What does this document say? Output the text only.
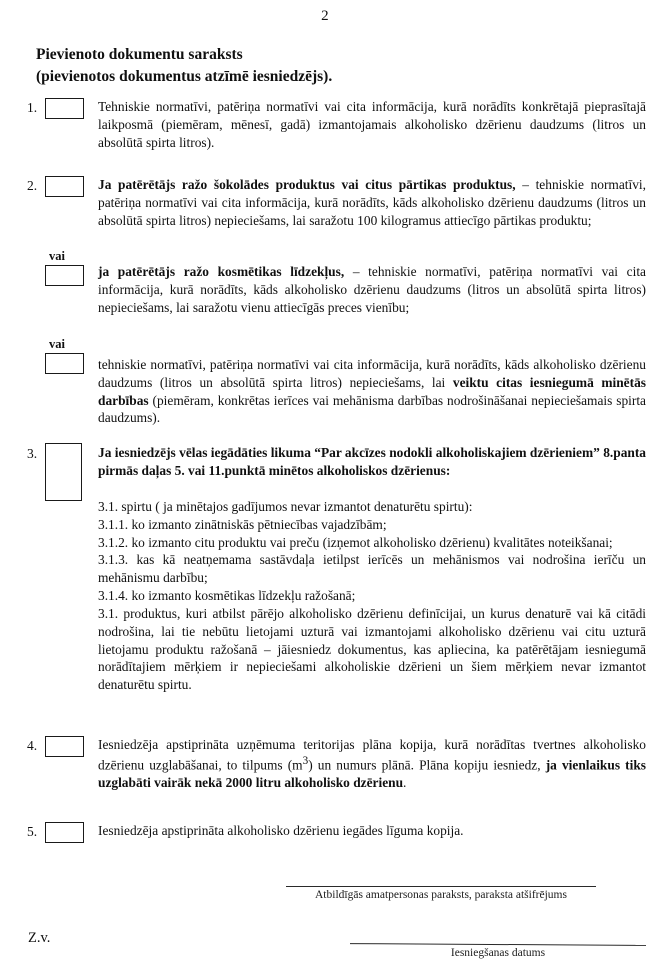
2
Pievienoto dokumentu saraksts
(pievienotos dokumentus atzīmē iesniedzējs).
1.	Tehniskie normatīvi, patēriņa normatīvi vai cita informācija, kurā norādīts konkrētajā pieprasītajā laikposmā (piemēram, mēnesī, gadā) izmantojamais alkoholisko dzērienu daudzums (litros un absolūtā spirta litros).
2.	Ja patērētājs ražo šokolādes produktus vai citus pārtikas produktus, – tehniskie normatīvi, patēriņa normatīvi vai cita informācija, kurā norādīts, kāds alkoholisko dzērienu daudzums (litros un absolūtā spirta litros) nepieciešams, lai saražotu 100 kilogramus attiecīgo pārtikas produktu;
vai
ja patērētājs ražo kosmētikas līdzekļus, – tehniskie normatīvi, patēriņa normatīvi vai cita informācija, kurā norādīts, kāds alkoholisko dzērienu daudzums (litros un absolūtā spirta litros) nepieciešams, lai saražotu vienu attiecīgās preces vienību;
vai
tehniskie normatīvi, patēriņa normatīvi vai cita informācija, kurā norādīts, kāds alkoholisko dzērienu daudzums (litros un absolūtā spirta litros) nepieciešams, lai veiktu citas iesniegumā minētās darbības (piemēram, konkrētas ierīces vai mehānisma darbības nodrošināšanai nepieciešamais spirta daudzums).
3.	Ja iesniedzējs vēlas iegādāties likuma “Par akcīzes nodokli alkoholiskajiem dzērieniem” 8.panta pirmās daļas 5. vai 11.punktā minētos alkoholiskos dzērienus:
3.1. spirtu ( ja minētajos gadījumos nevar izmantot denaturētu spirtu):
3.1.1. ko izmanto zinātniskās pētniecības vajadzībām;
3.1.2. ko izmanto citu produktu vai preču (izņemot alkoholisko dzērienu) kvalitātes noteikšanai;
3.1.3. kas kā neatņemama sastāvdaļa ietilpst ierīcēs un mehānismos vai nodrošina ierīču un mehānismu darbību;
3.1.4. ko izmanto kosmētikas līdzekļu ražošanā;
3.1. produktus, kuri atbilst pārējo alkoholisko dzērienu definīcijai, un kurus denaturē vai kā citādi nodrošina, lai tie nebūtu lietojami uzturā vai izmantojami alkoholisko dzērienu vai citu uzturā lietojamu produktu ražošanā – jāiesniedz dokumentus, kas apliecina, ka patērētājam iesniegumā norādītajiem mērķiem ir nepieciešami alkoholiskie dzērieni un šiem mērķiem nevar izmantot denaturētu spirtu.
4.	Iesniedzēja apstiprināta uzņēmuma teritorijas plāna kopija, kurā norādītas tvertnes alkoholisko dzērienu uzglabāšanai, to tilpums $(m^3)$ un numurs plānā. Plāna kopiju iesniedz, ja vienlaikus tiks uzglabāti vairāk nekā 2000 litru alkoholisko dzērienu.
5.	Iesniedzēja apstiprināta alkoholisko dzērienu iegādes līguma kopija.
Atbildīgās amatpersonas paraksts, paraksta atšifrējums
Z.v.
Iesniegšanas datums
